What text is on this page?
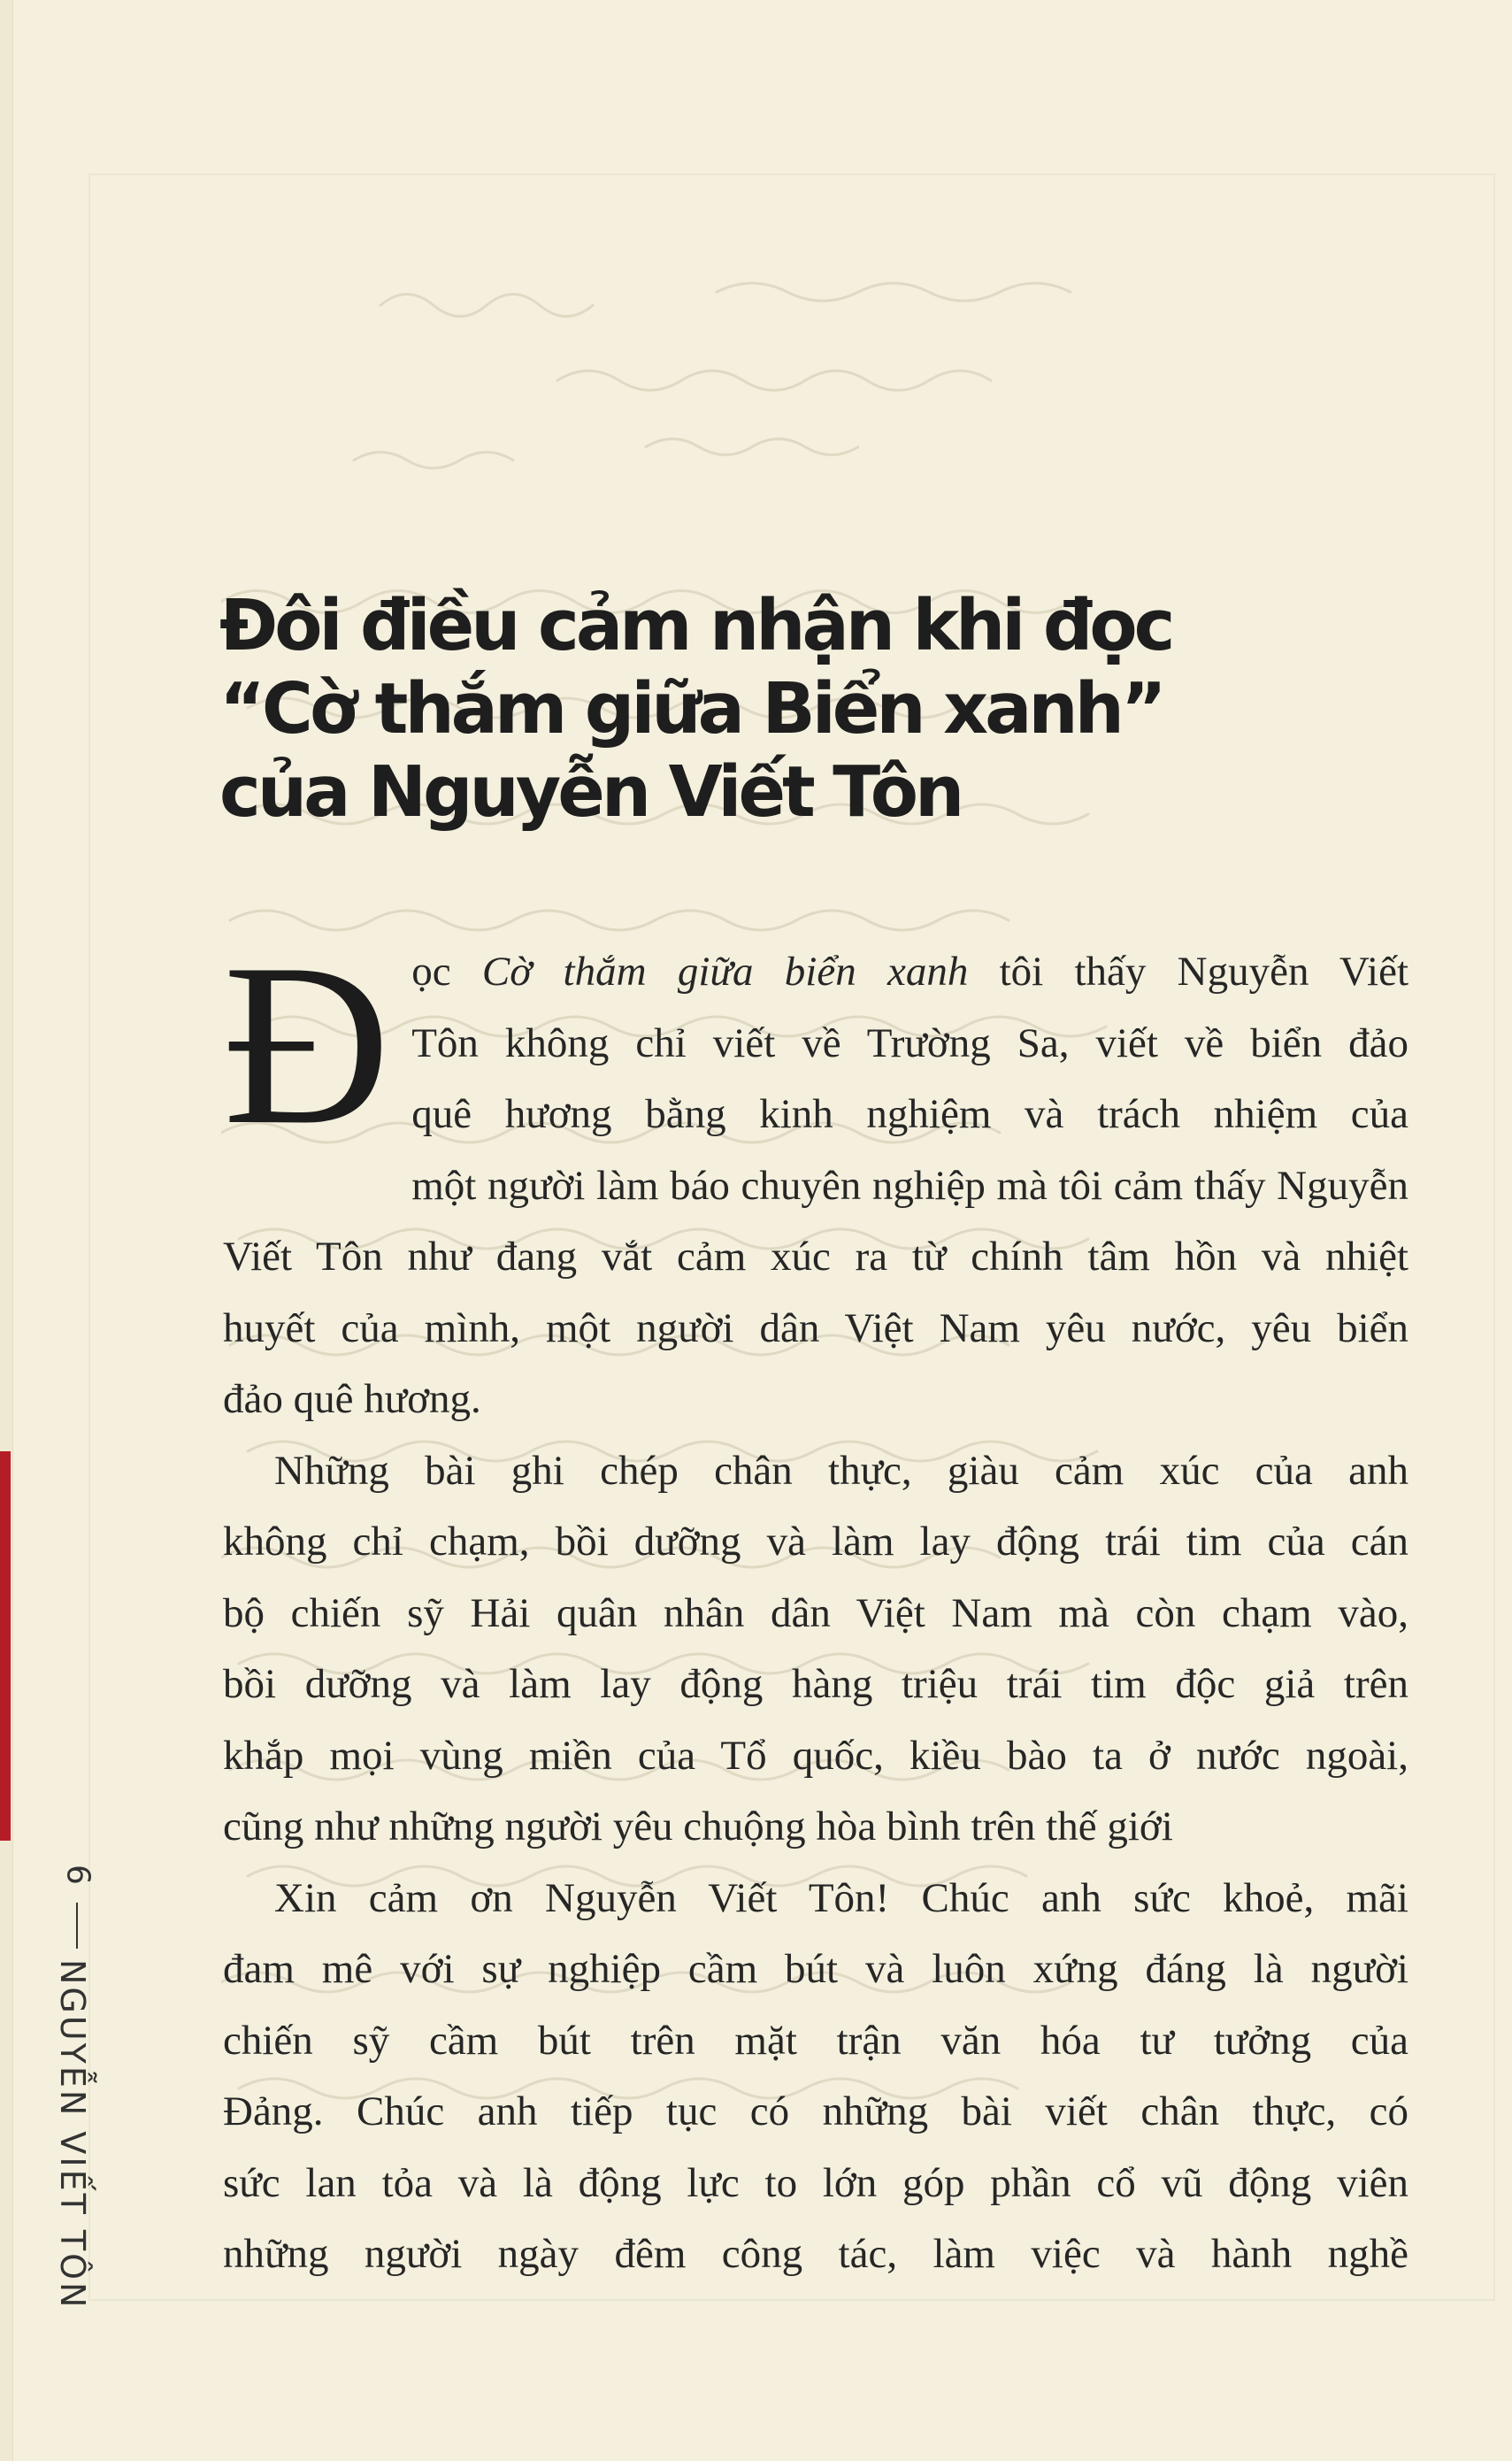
Đôi điều cảm nhận khi đọc
“Cờ thắm giữa Biển xanh”
của Nguyễn Viết Tôn
Đ ọc Cờ thắm giữa biển xanh tôi thấy Nguyễn Viết
Tôn không chỉ viết về Trường Sa, viết về biển đảo
quê hương bằng kinh nghiệm và trách nhiệm của
một người làm báo chuyên nghiệp mà tôi cảm thấy Nguyễn
Viết Tôn như đang vắt cảm xúc ra từ chính tâm hồn và nhiệt
huyết của mình, một người dân Việt Nam yêu nước, yêu biển
đảo quê hương.
Những bài ghi chép chân thực, giàu cảm xúc của anh
không chỉ chạm, bồi dưỡng và làm lay động trái tim của cán
bộ chiến sỹ Hải quân nhân dân Việt Nam mà còn chạm vào,
bồi dưỡng và làm lay động hàng triệu trái tim độc giả trên
khắp mọi vùng miền của Tổ quốc, kiều bào ta ở nước ngoài,
cũng như những người yêu chuộng hòa bình trên thế giới
Xin cảm ơn Nguyễn Viết Tôn! Chúc anh sức khoẻ, mãi
đam mê với sự nghiệp cầm bút và luôn xứng đáng là người
chiến sỹ cầm bút trên mặt trận văn hóa tư tưởng của
Đảng. Chúc anh tiếp tục có những bài viết chân thực, có
sức lan tỏa và là động lực to lớn góp phần cổ vũ động viên
những người ngày đêm công tác, làm việc và hành nghề
6
NGUYỄN VIẾT TÔN
